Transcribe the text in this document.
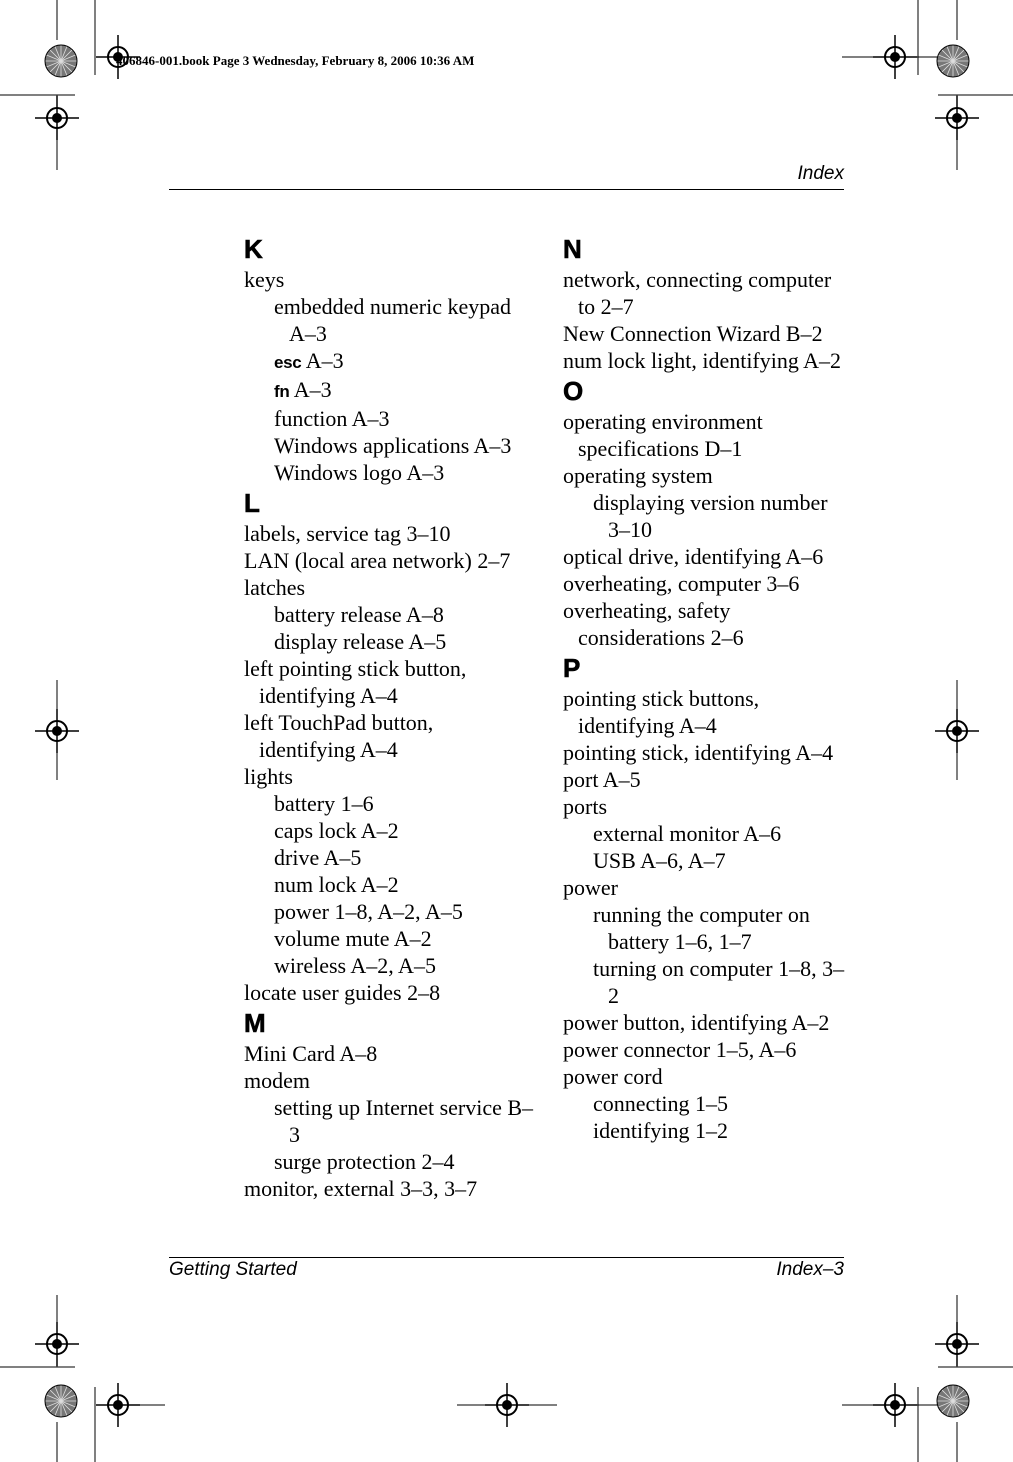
406846-001.book Page 3 Wednesday, February 8, 2006 10:36 AM
Index
K
keys
embedded numeric keypad A–3
esc A–3
fn A–3
function A–3
Windows applications A–3
Windows logo A–3
L
labels, service tag 3–10
LAN (local area network) 2–7
latches
battery release A–8
display release A–5
left pointing stick button, identifying A–4
left TouchPad button, identifying A–4
lights
battery 1–6
caps lock A–2
drive A–5
num lock A–2
power 1–8, A–2, A–5
volume mute A–2
wireless A–2, A–5
locate user guides 2–8
M
Mini Card A–8
modem
setting up Internet service B–3
surge protection 2–4
monitor, external 3–3, 3–7
N
network, connecting computer to 2–7
New Connection Wizard B–2
num lock light, identifying A–2
O
operating environment specifications D–1
operating system
displaying version number 3–10
optical drive, identifying A–6
overheating, computer 3–6
overheating, safety considerations 2–6
P
pointing stick buttons, identifying A–4
pointing stick, identifying A–4
port A–5
ports
external monitor A–6
USB A–6, A–7
power
running the computer on battery 1–6, 1–7
turning on computer 1–8, 3–2
power button, identifying A–2
power connector 1–5, A–6
power cord
connecting 1–5
identifying 1–2
Getting Started	Index–3
